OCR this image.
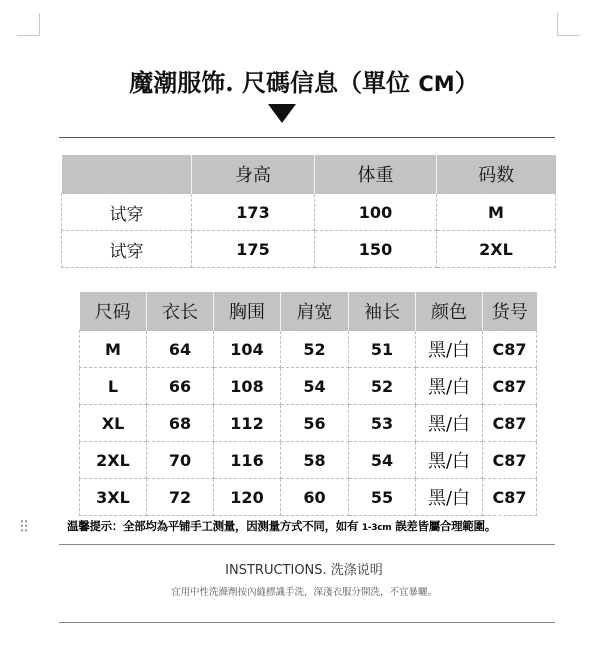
魔潮服饰. 尺碼信息（單位 CM）
	身高	体重	码数
试穿	173	100	M
试穿	175	150	2XL
尺码	衣长	胸围	肩宽	袖长	颜色	货号
M	64	104	52	51	黑/白	C87
L	66	108	54	52	黑/白	C87
XL	68	112	56	53	黑/白	C87
2XL	70	116	58	54	黑/白	C87
3XL	72	120	60	55	黑/白	C87
温馨提示：全部均為平铺手工测量，因测量方式不同，如有 1-3cm 誤差皆屬合理範圍。
INSTRUCTIONS. 洗涤说明
宜用中性洗滌劑按內縫標識手洗，深淺衣服分開洗，不宜暴曬。
